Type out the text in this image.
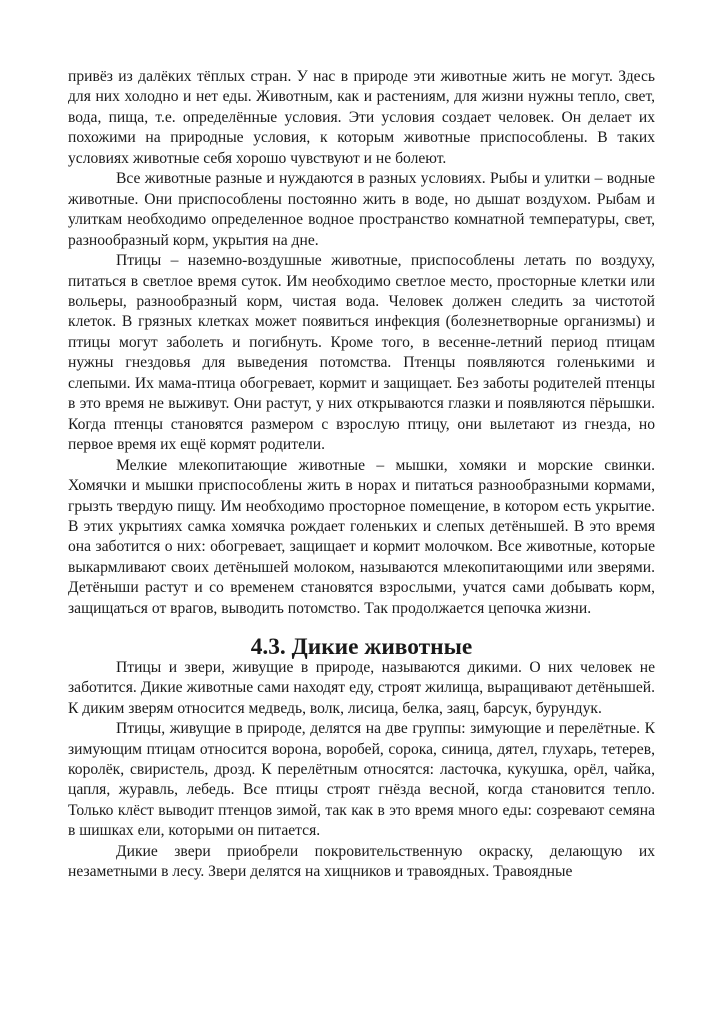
привёз из далёких тёплых стран. У нас в природе эти животные жить не могут. Здесь для них холодно и нет еды. Животным, как и растениям, для жизни нужны тепло, свет, вода, пища, т.е. определённые условия. Эти условия создает человек. Он делает их похожими на природные условия, к которым животные приспособлены. В таких условиях животные себя хорошо чувствуют и не болеют.

Все животные разные и нуждаются в разных условиях. Рыбы и улитки – водные животные. Они приспособлены постоянно жить в воде, но дышат воздухом. Рыбам и улиткам необходимо определенное водное пространство комнатной температуры, свет, разнообразный корм, укрытия на дне.

Птицы – наземно-воздушные животные, приспособлены летать по воздуху, питаться в светлое время суток. Им необходимо светлое место, просторные клетки или вольеры, разнообразный корм, чистая вода. Человек должен следить за чистотой клеток. В грязных клетках может появиться инфекция (болезнетворные организмы) и птицы могут заболеть и погибнуть. Кроме того, в весенне-летний период птицам нужны гнездовья для выведения потомства. Птенцы появляются голенькими и слепыми. Их мама-птица обогревает, кормит и защищает. Без заботы родителей птенцы в это время не выживут. Они растут, у них открываются глазки и появляются пёрышки. Когда птенцы становятся размером с взрослую птицу, они вылетают из гнезда, но первое время их ещё кормят родители.

Мелкие млекопитающие животные – мышки, хомяки и морские свинки. Хомячки и мышки приспособлены жить в норах и питаться разнообразными кормами, грызть твердую пищу. Им необходимо просторное помещение, в котором есть укрытие. В этих укрытиях самка хомячка рождает голеньких и слепых детёнышей. В это время она заботится о них: обогревает, защищает и кормит молочком. Все животные, которые выкармливают своих детёнышей молоком, называются млекопитающими или зверями. Детёныши растут и со временем становятся взрослыми, учатся сами добывать корм, защищаться от врагов, выводить потомство. Так продолжается цепочка жизни.

4.3. Дикие животные

Птицы и звери, живущие в природе, называются дикими. О них человек не заботится. Дикие животные сами находят еду, строят жилища, выращивают детёнышей. К диким зверям относится медведь, волк, лисица, белка, заяц, барсук, бурундук.

Птицы, живущие в природе, делятся на две группы: зимующие и перелётные. К зимующим птицам относится ворона, воробей, сорока, синица, дятел, глухарь, тетерев, королёк, свиристель, дрозд. К перелётным относятся: ласточка, кукушка, орёл, чайка, цапля, журавль, лебедь. Все птицы строят гнёзда весной, когда становится тепло. Только клёст выводит птенцов зимой, так как в это время много еды: созревают семяна в шишках ели, которыми он питается.

Дикие звери приобрели покровительственную окраску, делающую их незаметными в лесу. Звери делятся на хищников и травоядных. Травоядные
